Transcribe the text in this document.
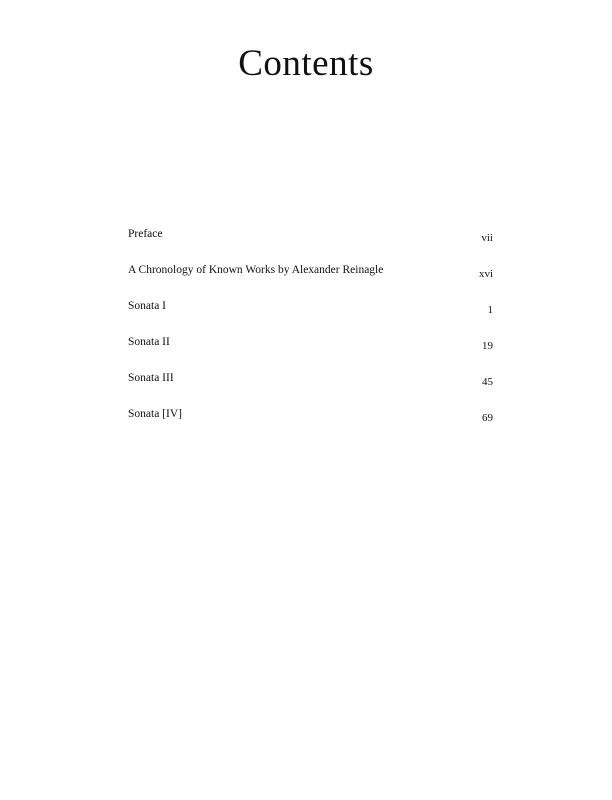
Contents
Preface	vii
A Chronology of Known Works by Alexander Reinagle	xvi
Sonata I	1
Sonata II	19
Sonata III	45
Sonata [IV]	69
